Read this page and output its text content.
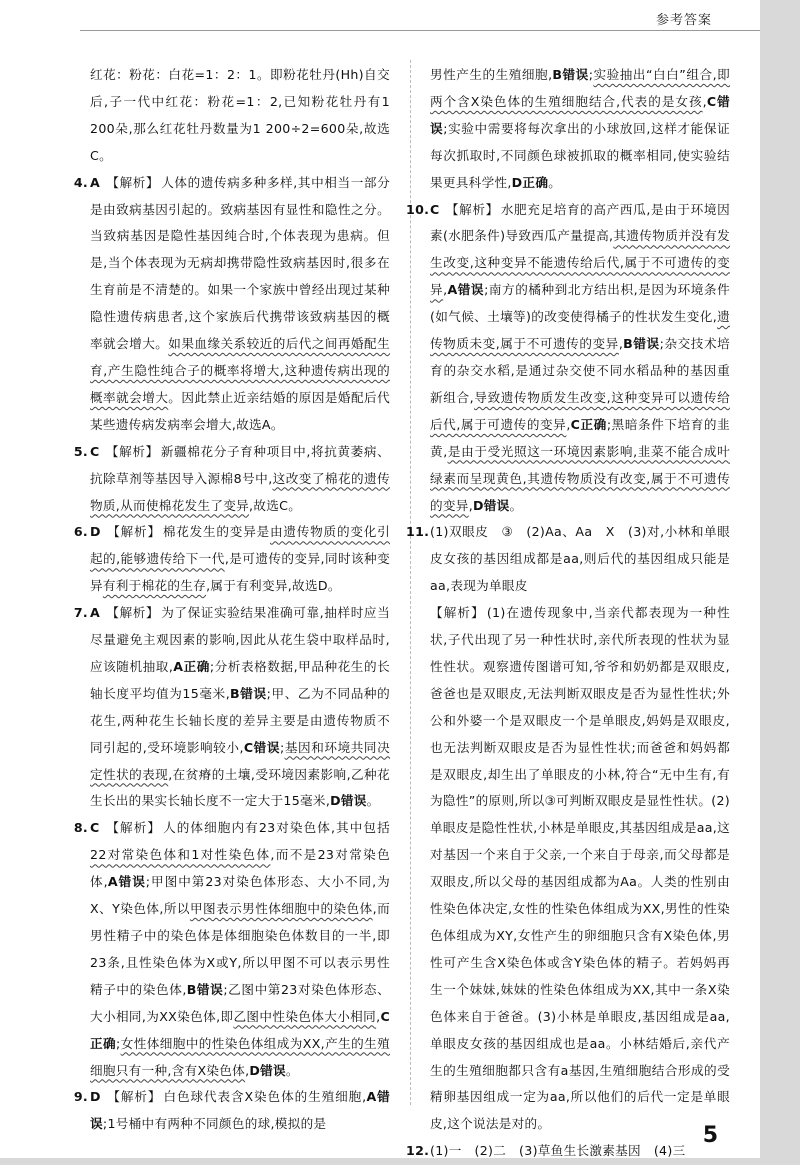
参考答案

红花：粉花：白花=1：2：1。即粉花牡丹(Hh)自交后,子一代中红花：粉花=1：2,已知粉花牡丹有1 200朵,那么红花牡丹数量为1 200÷2=600朵,故选C。

4. A 【解析】 人体的遗传病多种多样,其中相当一部分是由致病基因引起的。致病基因有显性和隐性之分。当致病基因是隐性基因纯合时,个体表现为患病。但是,当个体表现为无病却携带隐性致病基因时,很多在生育前是不清楚的。如果一个家族中曾经出现过某种隐性遗传病患者,这个家族后代携带该致病基因的概率就会增大。如果血缘关系较近的后代之间再婚配生育,产生隐性纯合子的概率将增大,这种遗传病出现的概率就会增大。因此禁止近亲结婚的原因是婚配后代某些遗传病发病率会增大,故选A。

5. C 【解析】 新疆棉花分子育种项目中,将抗黄萎病、抗除草剂等基因导入源棉8号中,这改变了棉花的遗传物质,从而使棉花发生了变异,故选C。

6. D 【解析】 棉花发生的变异是由遗传物质的变化引起的,能够遗传给下一代,是可遗传的变异,同时该种变异有利于棉花的生存,属于有利变异,故选D。

7. A 【解析】 为了保证实验结果准确可靠,抽样时应当尽量避免主观因素的影响,因此从花生袋中取样品时,应该随机抽取,A正确;分析表格数据,甲品种花生的长轴长度平均值为15毫米,B错误;甲、乙为不同品种的花生,两种花生长轴长度的差异主要是由遗传物质不同引起的,受环境影响较小,C错误;基因和环境共同决定性状的表现,在贫瘠的土壤,受环境因素影响,乙种花生长出的果实长轴长度不一定大于15毫米,D错误。

8. C 【解析】 人的体细胞内有23对染色体,其中包括22对常染色体和1对性染色体,而不是23对常染色体,A错误;甲图中第23对染色体形态、大小不同,为X、Y染色体,所以甲图表示男性体细胞中的染色体,而男性精子中的染色体是体细胞染色体数目的一半,即23条,且性染色体为X或Y,所以甲图不可以表示男性精子中的染色体,B错误;乙图中第23对染色体形态、大小相同,为XX染色体,即乙图中性染色体大小相同,C正确;女性体细胞中的性染色体组成为XX,产生的生殖细胞只有一种,含有X染色体,D错误。

9. D 【解析】 白色球代表含X染色体的生殖细胞,A错误;1号桶中有两种不同颜色的球,模拟的是

男性产生的生殖细胞,B错误;实验抽出“白白”组合,即两个含X染色体的生殖细胞结合,代表的是女孩,C错误;实验中需要将每次拿出的小球放回,这样才能保证每次抓取时,不同颜色球被抓取的概率相同,使实验结果更具科学性,D正确。

10. C 【解析】 水肥充足培育的高产西瓜,是由于环境因素(水肥条件)导致西瓜产量提高,其遗传物质并没有发生改变,这种变异不能遗传给后代,属于不可遗传的变异,A错误;南方的橘种到北方结出枳,是因为环境条件(如气候、土壤等)的改变使得橘子的性状发生变化,遗传物质未变,属于不可遗传的变异,B错误;杂交技术培育的杂交水稻,是通过杂交使不同水稻品种的基因重新组合,导致遗传物质发生改变,这种变异可以遗传给后代,属于可遗传的变异,C正确;黑暗条件下培育的韭黄,是由于受光照这一环境因素影响,韭菜不能合成叶绿素而呈现黄色,其遗传物质没有改变,属于不可遗传的变异,D错误。

11. (1)双眼皮　③　(2)Aa、Aa　X　(3)对,小林和单眼皮女孩的基因组成都是aa,则后代的基因组成只能是aa,表现为单眼皮

【解析】 (1)在遗传现象中,当亲代都表现为一种性状,子代出现了另一种性状时,亲代所表现的性状为显性性状。观察遗传图谱可知,爷爷和奶奶都是双眼皮,爸爸也是双眼皮,无法判断双眼皮是否为显性性状;外公和外婆一个是双眼皮一个是单眼皮,妈妈是双眼皮,也无法判断双眼皮是否为显性性状;而爸爸和妈妈都是双眼皮,却生出了单眼皮的小林,符合“无中生有,有为隐性”的原则,所以③可判断双眼皮是显性性状。(2)单眼皮是隐性性状,小林是单眼皮,其基因组成是aa,这对基因一个来自于父亲,一个来自于母亲,而父母都是双眼皮,所以父母的基因组成都为Aa。人类的性别由性染色体决定,女性的性染色体组成为XX,男性的性染色体组成为XY,女性产生的卵细胞只含有X染色体,男性可产生含X染色体或含Y染色体的精子。若妈妈再生一个妹妹,妹妹的性染色体组成为XX,其中一条X染色体来自于爸爸。(3)小林是单眼皮,基因组成是aa,单眼皮女孩的基因组成也是aa。小林结婚后,亲代产生的生殖细胞都只含有a基因,生殖细胞结合形成的受精卵基因组成一定为aa,所以他们的后代一定是单眼皮,这个说法是对的。

12. (1)一　(2)二　(3)草鱼生长激素基因　(4)三

5
